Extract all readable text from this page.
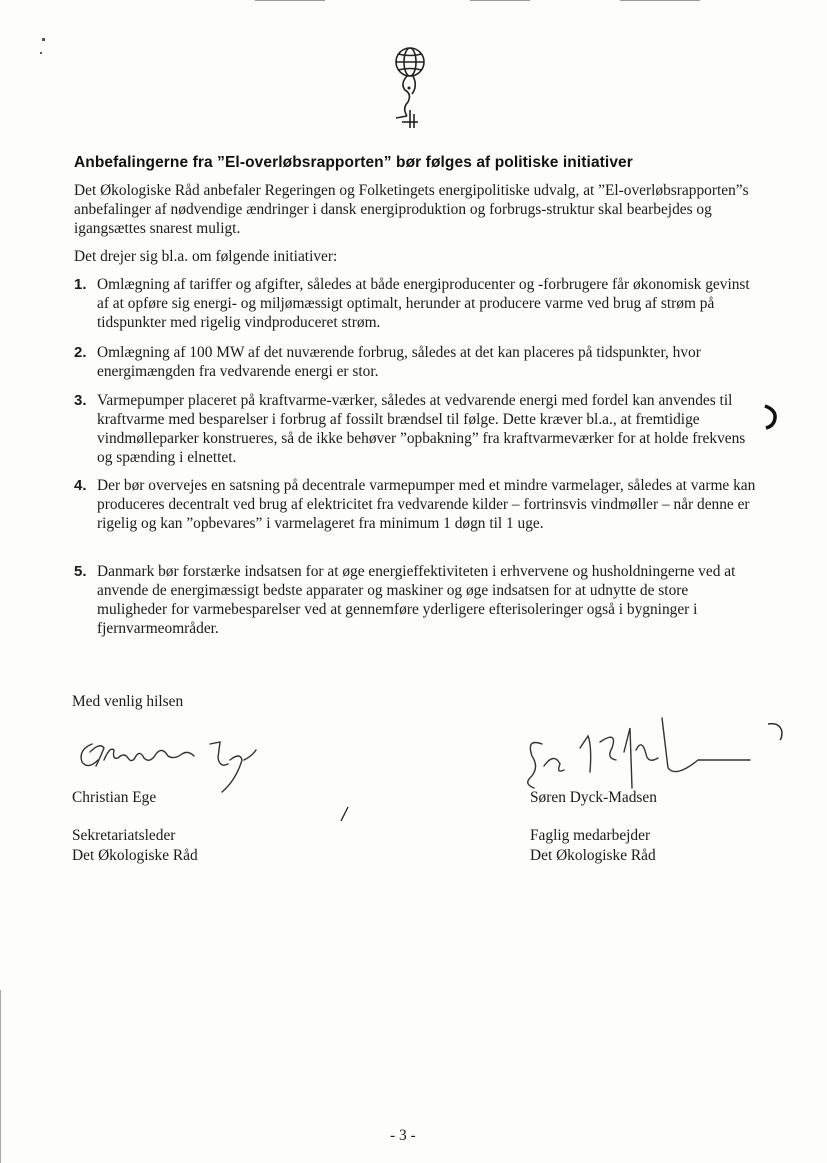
Anbefalingerne fra ”El-overløbsrapporten” bør følges af politiske initiativer
Det Økologiske Råd anbefaler Regeringen og Folketingets energipolitiske udvalg, at ”El-overløbsrapporten”s anbefalinger af nødvendige ændringer i dansk energiproduktion og forbrugs-struktur skal bearbejdes og igangsættes snarest muligt.
Det drejer sig bl.a. om følgende initiativer:
1. Omlægning af tariffer og afgifter, således at både energiproducenter og -forbrugere får økonomisk gevinst af at opføre sig energi- og miljømæssigt optimalt, herunder at producere varme ved brug af strøm på tidspunkter med rigelig vindproduceret strøm.
2. Omlægning af 100 MW af det nuværende forbrug, således at det kan placeres på tidspunkter, hvor energimængden fra vedvarende energi er stor.
3. Varmepumper placeret på kraftvarme-værker, således at vedvarende energi med fordel kan anvendes til kraftvarme med besparelser i forbrug af fossilt brændsel til følge. Dette kræver bl.a., at fremtidige vindmølleparker konstrueres, så de ikke behøver ”opbakning” fra kraftvarmeværker for at holde frekvens og spænding i elnettet.
4. Der bør overvejes en satsning på decentrale varmepumper med et mindre varmelager, således at varme kan produceres decentralt ved brug af elektricitet fra vedvarende kilder – fortrinsvis vindmøller – når denne er rigelig og kan ”opbevares” i varmelageret fra minimum 1 døgn til 1 uge.
5. Danmark bør forstærke indsatsen for at øge energieffektiviteten i erhvervene og husholdningerne ved at anvende de energimæssigt bedste apparater og maskiner og øge indsatsen for at udnytte de store muligheder for varmebesparelser ved at gennemføre yderligere efterisoleringer også i bygninger i fjernvarmeområder.
Med venlig hilsen
Christian Ege
Sekretariatsleder
Det Økologiske Råd
Søren Dyck-Madsen
Faglig medarbejder
Det Økologiske Råd
- 3 -
